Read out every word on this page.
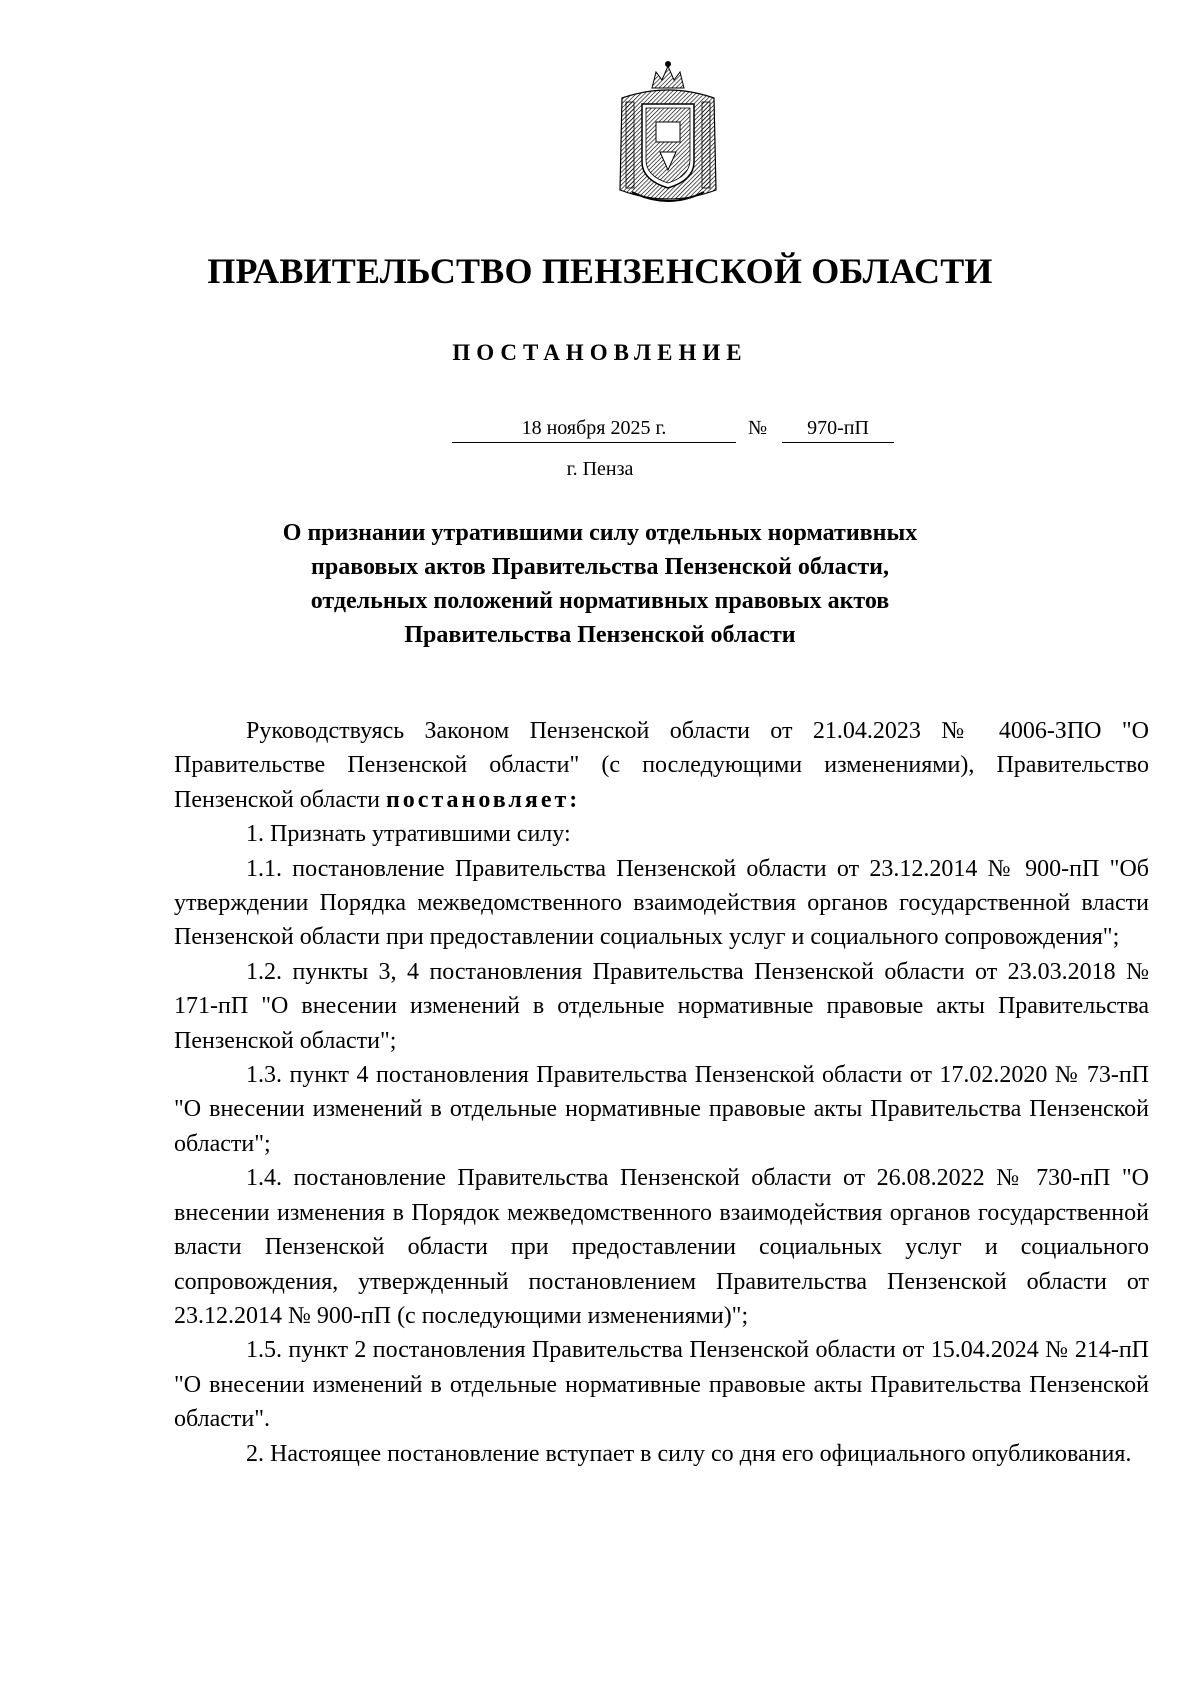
ПРАВИТЕЛЬСТВО ПЕНЗЕНСКОЙ ОБЛАСТИ
ПОСТАНОВЛЕНИЕ
18 ноября 2025 г.	№	970-пП
г. Пенза
О признании утратившими силу отдельных нормативных
правовых актов Правительства Пензенской области,
отдельных положений нормативных правовых актов
Правительства Пензенской области

Руководствуясь Законом Пензенской области от 21.04.2023 № 4006-ЗПО "О Правительстве Пензенской области" (с последующими изменениями), Правительство Пензенской области постановляет:

1. Признать утратившими силу:

1.1. постановление Правительства Пензенской области от 23.12.2014 № 900-пП "Об утверждении Порядка межведомственного взаимодействия органов государственной власти Пензенской области при предоставлении социальных услуг и социального сопровождения";

1.2. пункты 3, 4 постановления Правительства Пензенской области от 23.03.2018 № 171-пП "О внесении изменений в отдельные нормативные правовые акты Правительства Пензенской области";

1.3. пункт 4 постановления Правительства Пензенской области от 17.02.2020 № 73-пП "О внесении изменений в отдельные нормативные правовые акты Правительства Пензенской области";

1.4. постановление Правительства Пензенской области от 26.08.2022 № 730-пП "О внесении изменения в Порядок межведомственного взаимодействия органов государственной власти Пензенской области при предоставлении социальных услуг и социального сопровождения, утвержденный постановлением Правительства Пензенской области от 23.12.2014 № 900-пП (с последующими изменениями)";

1.5. пункт 2 постановления Правительства Пензенской области от 15.04.2024 № 214-пП "О внесении изменений в отдельные нормативные правовые акты Правительства Пензенской области".

2. Настоящее постановление вступает в силу со дня его официального опубликования.
